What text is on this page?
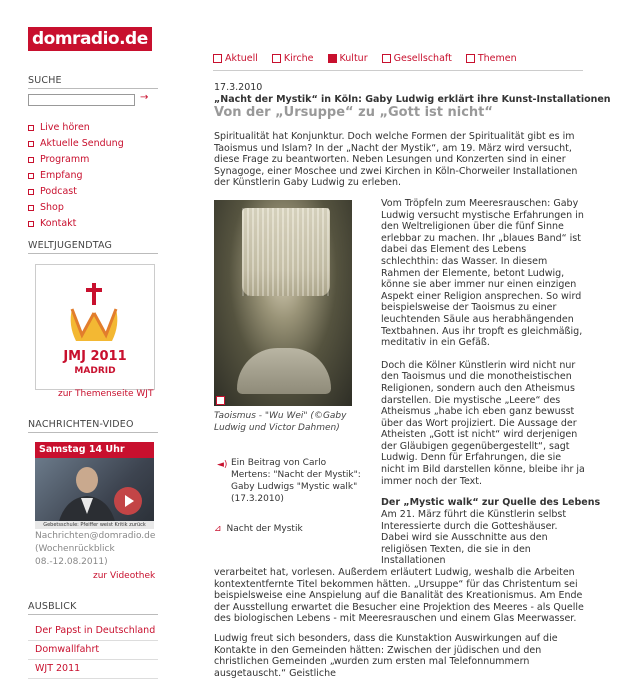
domradio.de
SUCHE
→
Live hören
Aktuelle Sendung
Programm
Empfang
Podcast
Shop
Kontakt
WELTJUGENDTAG
JMJ 2011
MADRID
zur Themenseite WJT
NACHRICHTEN-VIDEO
Samstag 14 Uhr
Gebetsschule: Pfeiffer weist Kritik zurück
Nachrichten@domradio.de (Wochenrückblick 08.-12.08.2011)
zur Videothek
AUSBLICK
Der Papst in Deutschland
Domwallfahrt
WJT 2011
Aktuell	Kirche	Kultur	Gesellschaft	Themen
17.3.2010
„Nacht der Mystik“ in Köln: Gaby Ludwig erklärt ihre Kunst-Installationen
Von der „Ursuppe“ zu „Gott ist nicht“
Spiritualität hat Konjunktur. Doch welche Formen der Spiritualität gibt es im Taoismus und Islam? In der „Nacht der Mystik“, am 19. März wird versucht, diese Frage zu beantworten. Neben Lesungen und Konzerten sind in einer Synagoge, einer Moschee und zwei Kirchen in Köln-Chorweiler Installationen der Künstlerin Gaby Ludwig zu erleben.
Taoismus - "Wu Wei" (©Gaby Ludwig und Victor Dahmen)
◄) Ein Beitrag von Carlo Mertens: "Nacht der Mystik": Gaby Ludwigs "Mystic walk" (17.3.2010)
⊿ Nacht der Mystik

Vom Tröpfeln zum Meeresrauschen: Gaby Ludwig versucht mystische Erfahrungen in den Weltreligionen über die fünf Sinne erlebbar zu machen. Ihr „blaues Band“ ist dabei das Element des Lebens schlechthin: das Wasser. In diesem Rahmen der Elemente, betont Ludwig, könne sie aber immer nur einen einzigen Aspekt einer Religion ansprechen. So wird beispielsweise der Taoismus zu einer leuchtenden Säule aus herabhängenden Textbahnen. Aus ihr tropft es gleichmäßig, meditativ in ein Gefäß.

Doch die Kölner Künstlerin wird nicht nur den Taoismus und die monotheistischen Religionen, sondern auch den Atheismus darstellen. Die mystische „Leere“ des Atheismus „habe ich eben ganz bewusst über das Wort projiziert. Die Aussage der Atheisten „Gott ist nicht“ wird derjenigen der Gläubigen gegenübergestellt“, sagt Ludwig. Denn für Erfahrungen, die sie nicht im Bild darstellen könne, bleibe ihr ja immer noch der Text.

Der „Mystic walk“ zur Quelle des Lebens
Am 21. März führt die Künstlerin selbst Interessierte durch die Gotteshäuser. Dabei wird sie Ausschnitte aus den religiösen Texten, die sie in den Installationen
verarbeitet hat, vorlesen. Außerdem erläutert Ludwig, weshalb die Arbeiten kontextentfernte Titel bekommen hätten. „Ursuppe“ für das Christentum sei beispielsweise eine Anspielung auf die Banalität des Kreationismus. Am Ende der Ausstellung erwartet die Besucher eine Projektion des Meeres - als Quelle des biologischen Lebens - mit Meeresrauschen und einem Glas Meerwasser.
Ludwig freut sich besonders, dass die Kunstaktion Auswirkungen auf die Kontakte in den Gemeinden hätten: Zwischen der jüdischen und den christlichen Gemeinden „wurden zum ersten mal Telefonnummern ausgetauscht.“ Geistliche
